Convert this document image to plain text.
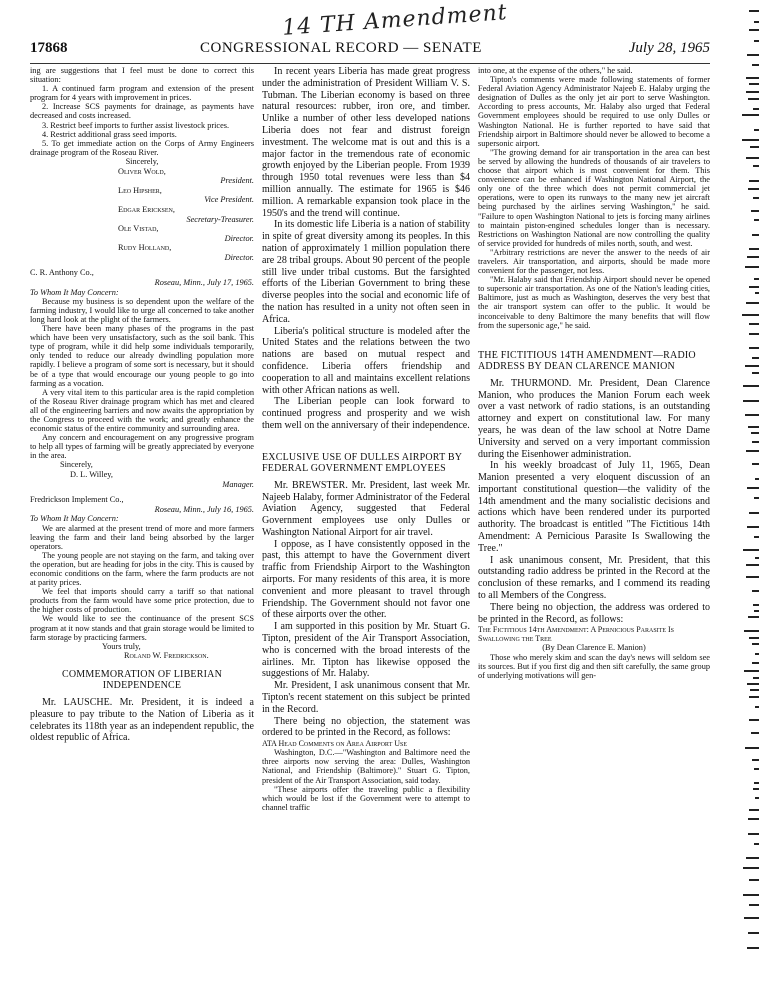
14 TH Amendment
17868	CONGRESSIONAL RECORD — SENATE	July 28, 1965

ing are suggestions that I feel must be done to correct this situation:

1. A continued farm program and extension of the present program for 4 years with improvement in prices.

2. Increase SCS payments for drainage, as payments have decreased and costs increased.

3. Restrict beef imports to further assist livestock prices.

4. Restrict additional grass seed imports.

5. To get immediate action on the Corps of Army Engineers drainage program of the Roseau River.

Sincerely,

Oliver Wold,

President.

Leo Hipsher,

Vice President.

Edgar Ericksen,

Secretary-Treasurer.

Ole Vistad,

Director.

Rudy Holland,

Director.

C. R. Anthony Co.,

Roseau, Minn., July 17, 1965.

To Whom It May Concern:

Because my business is so dependent upon the welfare of the farming industry, I would like to urge all concerned to take another long hard look at the plight of the farmers.

There have been many phases of the programs in the past which have been very unsatisfactory, such as the soil bank. This type of program, while it did help some individuals temporarily, only tended to reduce our already dwindling population more rapidly. I believe a program of some sort is necessary, but it should be of a type that would encourage our young people to go into farming as a vocation.

A very vital item to this particular area is the rapid completion of the Roseau River drainage program which has met and cleared all of the engineering barriers and now awaits the appropriation by the Congress to proceed with the work; and greatly enhance the economic status of the entire community and surrounding area.

Any concern and encouragement on any progressive program to help all types of farming will be greatly appreciated by everyone in the area.

Sincerely,

D. L. Willey,

Manager.

Fredrickson Implement Co.,

Roseau, Minn., July 16, 1965.

To Whom It May Concern:

We are alarmed at the present trend of more and more farmers leaving the farm and their land being absorbed by the larger operators.

The young people are not staying on the farm, and taking over the operation, but are heading for jobs in the city. This is caused by economic conditions on the farm, where the farm products are not at parity prices.

We feel that imports should carry a tariff so that national products from the farm would have some price protection, due to the higher costs of production.

We would like to see the continuance of the present SCS program at it now stands and that grain storage would be limited to farm storage by practicing farmers.

Yours truly,

Roland W. Fredrickson.

COMMEMORATION OF LIBERIAN INDEPENDENCE

Mr. LAUSCHE. Mr. President, it is indeed a pleasure to pay tribute to the Nation of Liberia as it celebrates its 118th year as an independent republic, the oldest republic of Africa.

In recent years Liberia has made great progress under the administration of President William V. S. Tubman. The Liberian economy is based on three natural resources: rubber, iron ore, and timber. Unlike a number of other less developed nations Liberia does not fear and distrust foreign investment. The welcome mat is out and this is a major factor in the tremendous rate of economic growth enjoyed by the Liberian people. From 1939 through 1950 total revenues were less than $4 million annually. The estimate for 1965 is $46 million. A remarkable expansion took place in the 1950's and the trend will continue.

In its domestic life Liberia is a nation of stability in spite of great diversity among its peoples. In this nation of approximately 1 million population there are 28 tribal groups. About 90 percent of the people still live under tribal customs. But the farsighted efforts of the Liberian Government to bring these diverse peoples into the social and economic life of the nation has resulted in a unity not often seen in Africa.

Liberia's political structure is modeled after the United States and the relations between the two nations are based on mutual respect and confidence. Liberia offers friendship and cooperation to all and maintains excellent relations with other African nations as well.

The Liberian people can look forward to continued progress and prosperity and we wish them well on the anniversary of their independence.

EXCLUSIVE USE OF DULLES AIRPORT BY FEDERAL GOVERNMENT EMPLOYEES

Mr. BREWSTER. Mr. President, last week Mr. Najeeb Halaby, former Administrator of the Federal Aviation Agency, suggested that Federal Government employees use only Dulles or Washington National Airport for air travel.

I oppose, as I have consistently opposed in the past, this attempt to have the Government divert traffic from Friendship Airport to the Washington airports. For many residents of this area, it is more convenient and more pleasant to travel through Friendship. The Government should not favor one of these airports over the other.

I am supported in this position by Mr. Stuart G. Tipton, president of the Air Transport Association, who is concerned with the broad interests of the airlines. Mr. Tipton has likewise opposed the suggestions of Mr. Halaby.

Mr. President, I ask unanimous consent that Mr. Tipton's recent statement on this subject be printed in the Record.

There being no objection, the statement was ordered to be printed in the Record, as follows:

ATA Head Comments on Area Airport Use

Washington, D.C.—"Washington and Baltimore need the three airports now serving the area: Dulles, Washington National, and Friendship (Baltimore)." Stuart G. Tipton, president of the Air Transport Association, said today.

"These airports offer the traveling public a flexibility which would be lost if the Government were to attempt to channel traffic

into one, at the expense of the others," he said.

Tipton's comments were made following statements of former Federal Aviation Agency Administrator Najeeb E. Halaby urging the designation of Dulles as the only jet air port to serve Washington. According to press accounts, Mr. Halaby also urged that Federal Government employees should be required to use only Dulles or Washington National. He is further reported to have said that Friendship airport in Baltimore should never be allowed to become a supersonic airport.

"The growing demand for air transportation in the area can best be served by allowing the hundreds of thousands of air travelers to choose that airport which is most convenient for them. This convenience can be enhanced if Washington National Airport, the only one of the three which does not permit commercial jet operations, were to open its runways to the many new jet aircraft being purchased by the airlines serving Washington," he said. "Failure to open Washington National to jets is forcing many airlines to maintain piston-engined schedules longer than is necessary. Restrictions on Washington National are now controlling the quality of service provided for hundreds of miles north, south, and west.

"Arbitrary restrictions are never the answer to the needs of air travelers. Air transportation, and airports, should be made more convenient for the passenger, not less.

"Mr. Halaby said that Friendship Airport should never be opened to supersonic air transportation. As one of the Nation's leading cities, Baltimore, just as much as Washington, deserves the very best that the air transport system can offer to the public. It would be inconceivable to deny Baltimore the many benefits that will flow from the supersonic age," he said.

THE FICTITIOUS 14TH AMENDMENT—RADIO ADDRESS BY DEAN CLARENCE MANION

Mr. THURMOND. Mr. President, Dean Clarence Manion, who produces the Manion Forum each week over a vast network of radio stations, is an outstanding attorney and expert on constitutional law. For many years, he was dean of the law school at Notre Dame University and served on a very important commission during the Eisenhower administration.

In his weekly broadcast of July 11, 1965, Dean Manion presented a very eloquent discussion of an important constitutional question—the validity of the 14th amendment and the many socialistic decisions and actions which have been rendered under its purported authority. The broadcast is entitled "The Fictitious 14th Amendment: A Pernicious Parasite Is Swallowing the Tree."

I ask unanimous consent, Mr. President, that this outstanding radio address be printed in the Record at the conclusion of these remarks, and I commend its reading to all Members of the Congress.

There being no objection, the address was ordered to be printed in the Record, as follows:

The Fictitious 14th Amendment: A Pernicious Parasite Is Swallowing the Tree

(By Dean Clarence E. Manion)

Those who merely skim and scan the day's news will seldom see its sources. But if you first dig and then sift carefully, the same group of underlying motivations will gen-
